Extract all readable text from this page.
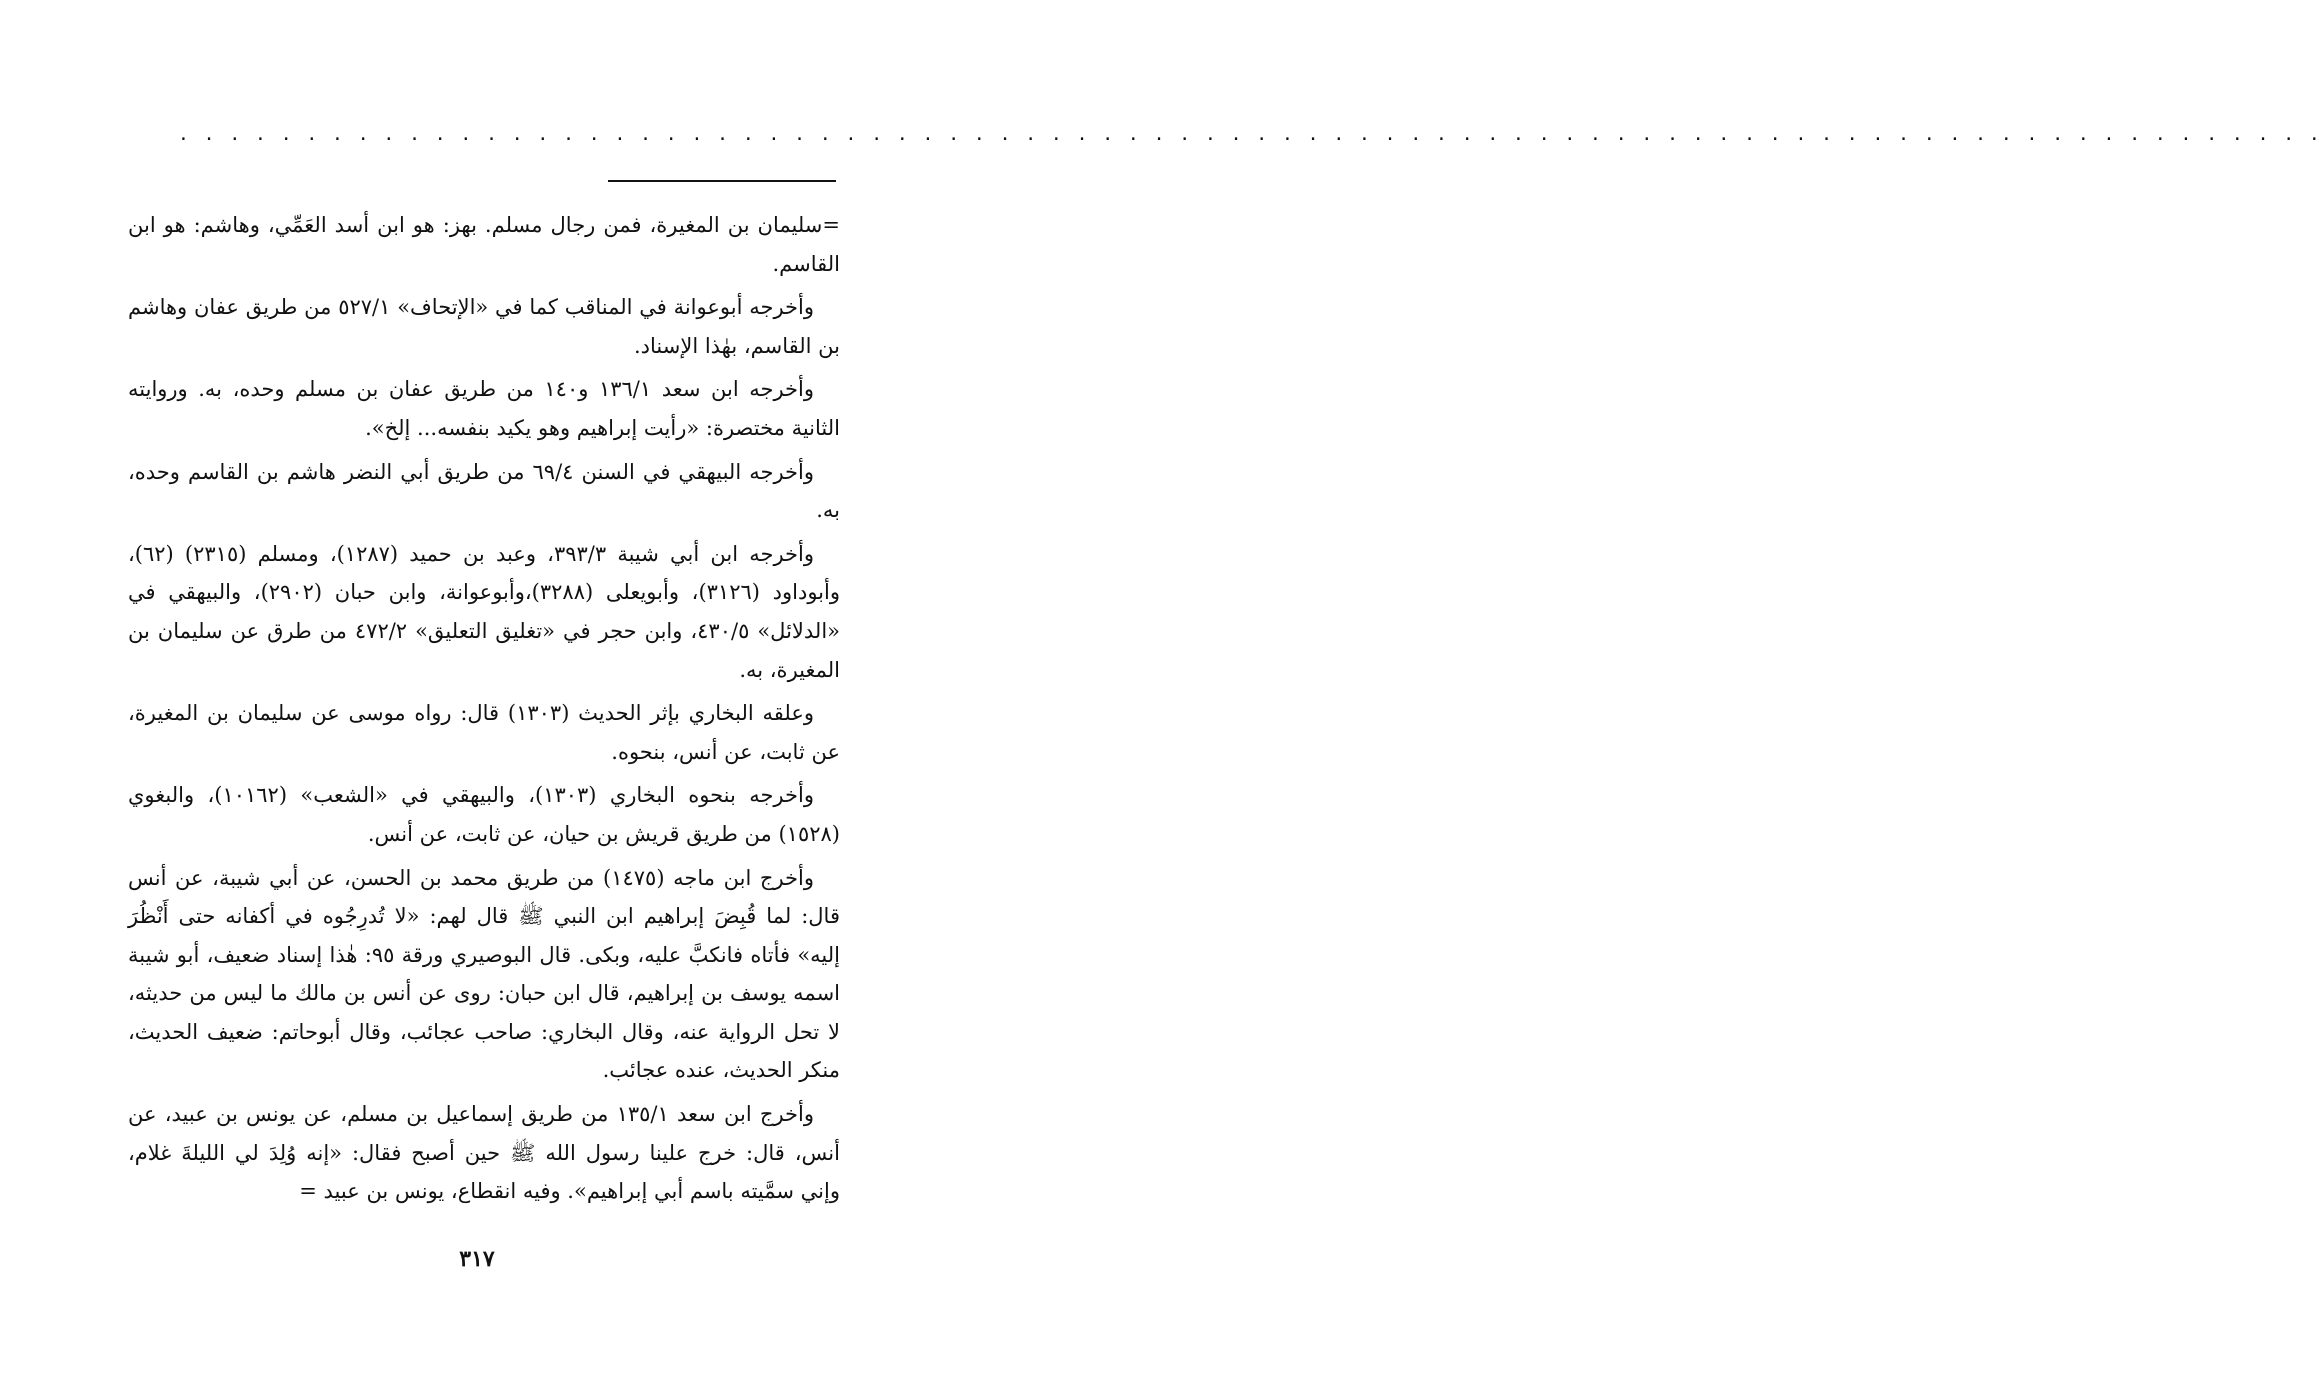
. . . . . . . . . . . . . . . . . . . . . . . . . . . . . . . . . . . . . . . . . . . . . . . . . . . . . . . . . . . . . . . . . . . . . . . . . . . . . . . . . . . .

=سليمان بن المغيرة، فمن رجال مسلم. بهز: هو ابن أسد العَمِّي، وهاشم: هو ابن القاسم.

وأخرجه أبوعوانة في المناقب كما في «الإتحاف» ٥٢٧/١ من طريق عفان وهاشم بن القاسم، بهٰذا الإسناد.

وأخرجه ابن سعد ١٣٦/١ و١٤٠ من طريق عفان بن مسلم وحده، به. وروايته الثانية مختصرة: «رأيت إبراهيم وهو يكيد بنفسه... إلخ».

وأخرجه البيهقي في السنن ٦٩/٤ من طريق أبي النضر هاشم بن القاسم وحده، به.

وأخرجه ابن أبي شيبة ٣٩٣/٣، وعبد بن حميد (١٢٨٧)، ومسلم (٢٣١٥) (٦٢)، وأبوداود (٣١٢٦)، وأبويعلى (٣٢٨٨)،وأبوعوانة، وابن حبان (٢٩٠٢)، والبيهقي في «الدلائل» ٤٣٠/٥، وابن حجر في «تغليق التعليق» ٤٧٢/٢ من طرق عن سليمان بن المغيرة، به.

وعلقه البخاري بإثر الحديث (١٣٠٣) قال: رواه موسى عن سليمان بن المغيرة، عن ثابت، عن أنس، بنحوه.

وأخرجه بنحوه البخاري (١٣٠٣)، والبيهقي في «الشعب» (١٠١٦٢)، والبغوي (١٥٢٨) من طريق قريش بن حيان، عن ثابت، عن أنس.

وأخرج ابن ماجه (١٤٧٥) من طريق محمد بن الحسن، عن أبي شيبة، عن أنس قال: لما قُبِضَ إبراهيم ابن النبي ﷺ قال لهم: «لا تُدرِجُوه في أكفانه حتى أَنْظُرَ إليه» فأتاه فانكبَّ عليه، وبكى. قال البوصيري ورقة ٩٥: هٰذا إسناد ضعيف، أبو شيبة اسمه يوسف بن إبراهيم، قال ابن حبان: روى عن أنس بن مالك ما ليس من حديثه، لا تحل الرواية عنه، وقال البخاري: صاحب عجائب، وقال أبوحاتم: ضعيف الحديث، منكر الحديث، عنده عجائب.

وأخرج ابن سعد ١٣٥/١ من طريق إسماعيل بن مسلم، عن يونس بن عبيد، عن أنس، قال: خرج علينا رسول الله ﷺ حين أصبح فقال: «إنه وُلِدَ لي الليلةَ غلام، وإني سمَّيته باسم أبي إبراهيم». وفيه انقطاع، يونس بن عبيد =

٣١٧
